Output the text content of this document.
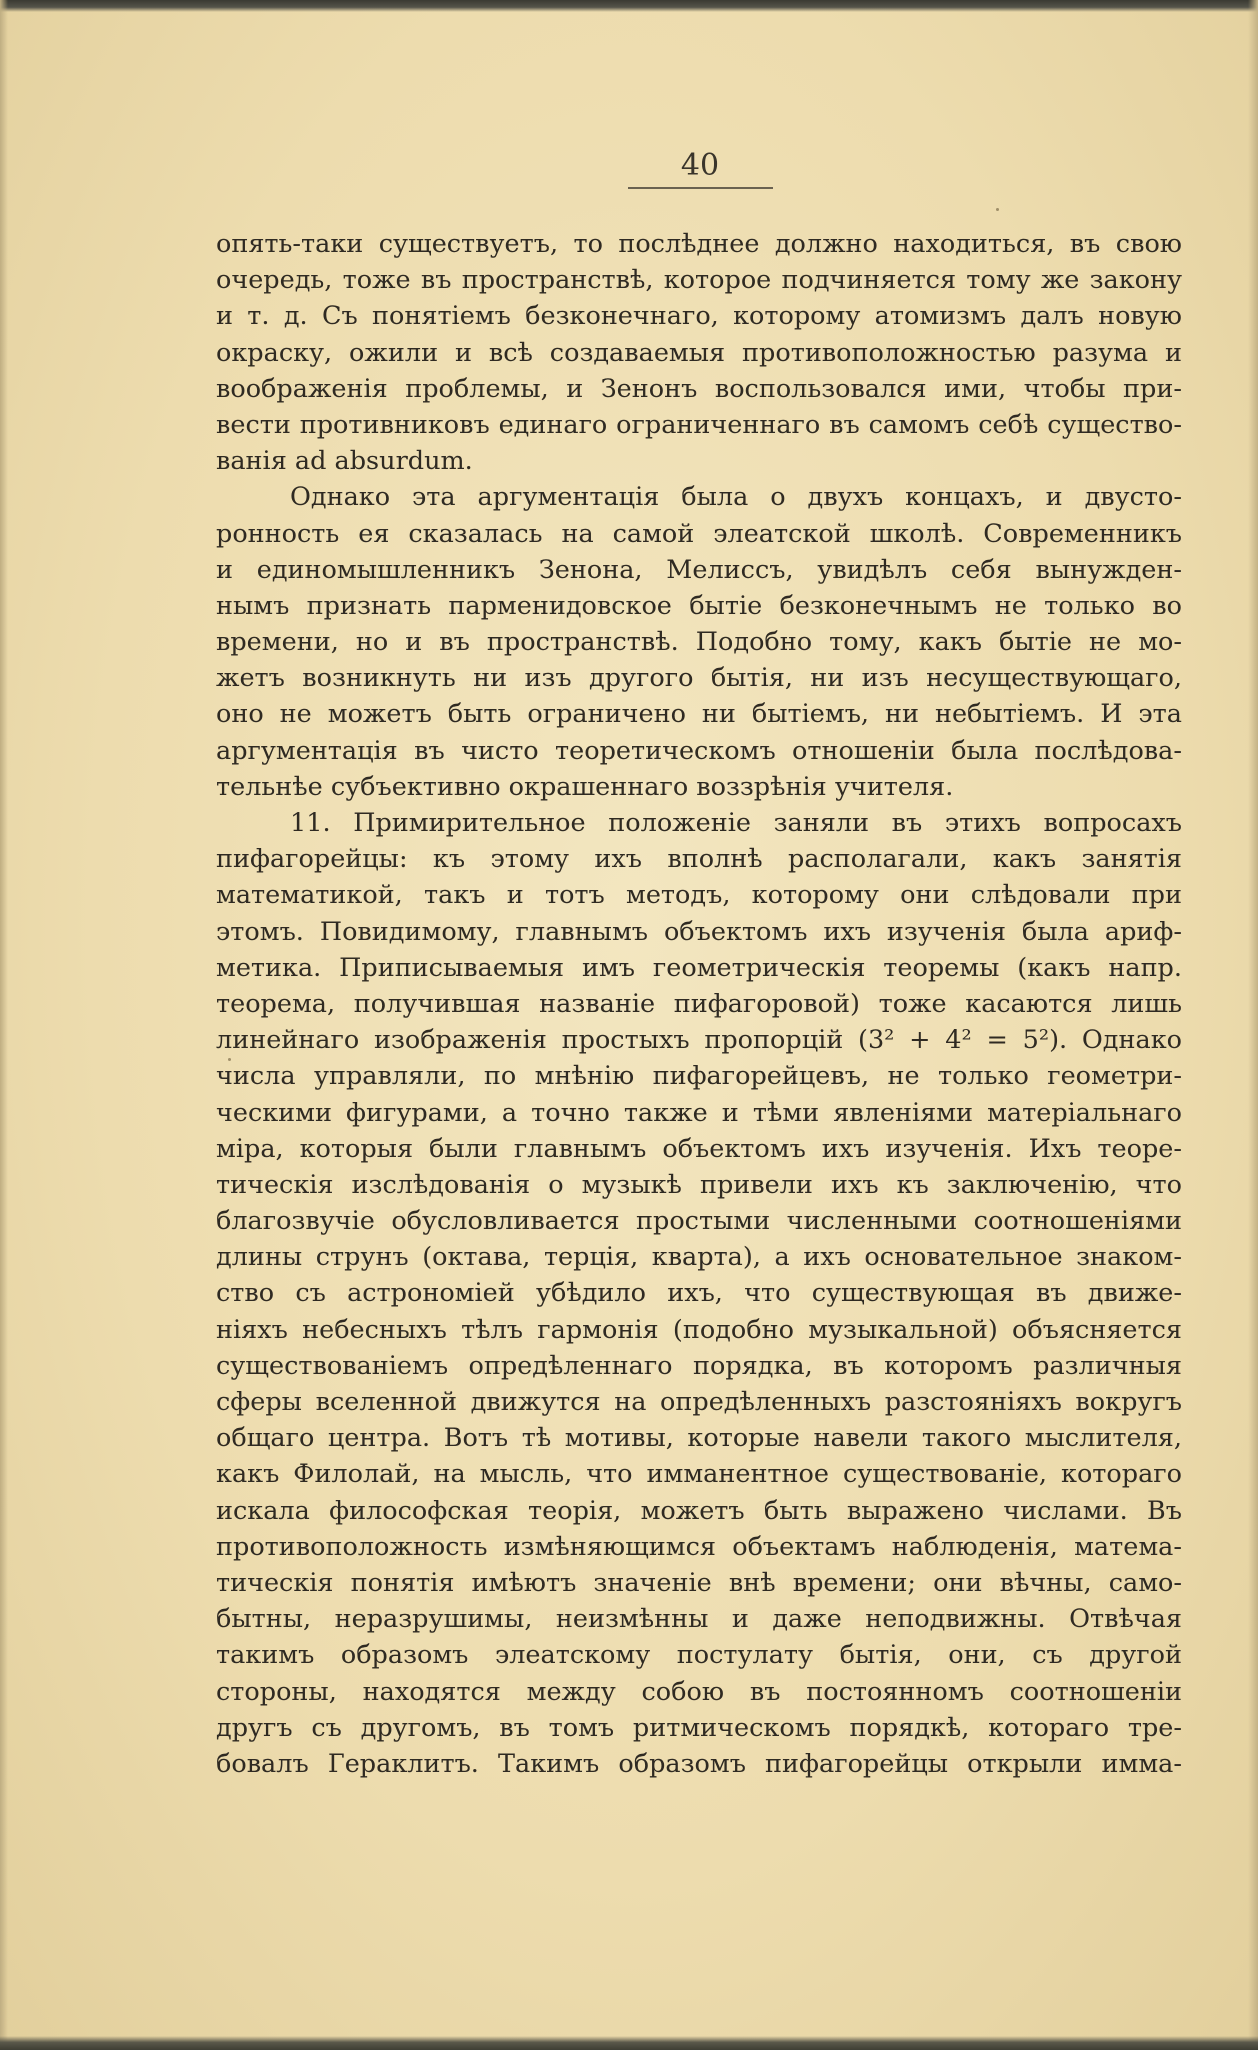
40
опять-таки существуетъ, то послѣднее должно находиться, въ свою
очередь, тоже въ пространствѣ, которое подчиняется тому же закону
и т. д. Съ понятіемъ безконечнаго, которому атомизмъ далъ новую
окраску, ожили и всѣ создаваемыя противоположностью разума и
воображенія проблемы, и Зенонъ воспользовался ими, чтобы при-
вести противниковъ единаго ограниченнаго въ самомъ себѣ существо-
ванія ad absurdum.
Однако эта аргументація была о двухъ концахъ, и двусто-
ронность ея сказалась на самой элеатской школѣ. Современникъ
и единомышленникъ Зенона, Мелиссъ, увидѣлъ себя вынужден-
нымъ признать парменидовское бытіе безконечнымъ не только во
времени, но и въ пространствѣ. Подобно тому, какъ бытіе не мо-
жетъ возникнуть ни изъ другого бытія, ни изъ несуществующаго,
оно не можетъ быть ограничено ни бытіемъ, ни небытіемъ. И эта
аргументація въ чисто теоретическомъ отношеніи была послѣдова-
тельнѣе субъективно окрашеннаго воззрѣнія учителя.
11. Примирительное положеніе заняли въ этихъ вопросахъ
пифагорейцы: къ этому ихъ вполнѣ располагали, какъ занятія
математикой, такъ и тотъ методъ, которому они слѣдовали при
этомъ. Повидимому, главнымъ объектомъ ихъ изученія была ариф-
метика. Приписываемыя имъ геометрическія теоремы (какъ напр.
теорема, получившая названіе пифагоровой) тоже касаются лишь
линейнаго изображенія простыхъ пропорцій (3² + 4² = 5²). Однако
числа управляли, по мнѣнію пифагорейцевъ, не только геометри-
ческими фигурами, а точно также и тѣми явленіями матеріальнаго
міра, которыя были главнымъ объектомъ ихъ изученія. Ихъ теоре-
тическія изслѣдованія о музыкѣ привели ихъ къ заключенію, что
благозвучіе обусловливается простыми численными соотношеніями
длины струнъ (октава, терція, кварта), а ихъ основательное знаком-
ство съ астрономіей убѣдило ихъ, что существующая въ движе-
ніяхъ небесныхъ тѣлъ гармонія (подобно музыкальной) объясняется
существованіемъ опредѣленнаго порядка, въ которомъ различныя
сферы вселенной движутся на опредѣленныхъ разстояніяхъ вокругъ
общаго центра. Вотъ тѣ мотивы, которые навели такого мыслителя,
какъ Филолай, на мысль, что имманентное существованіе, котораго
искала философская теорія, можетъ быть выражено числами. Въ
противоположность измѣняющимся объектамъ наблюденія, матема-
тическія понятія имѣютъ значеніе внѣ времени; они вѣчны, само-
бытны, неразрушимы, неизмѣнны и даже неподвижны. Отвѣчая
такимъ образомъ элеатскому постулату бытія, они, съ другой
стороны, находятся между собою въ постоянномъ соотношеніи
другъ съ другомъ, въ томъ ритмическомъ порядкѣ, котораго тре-
бовалъ Гераклитъ. Такимъ образомъ пифагорейцы открыли имма-
